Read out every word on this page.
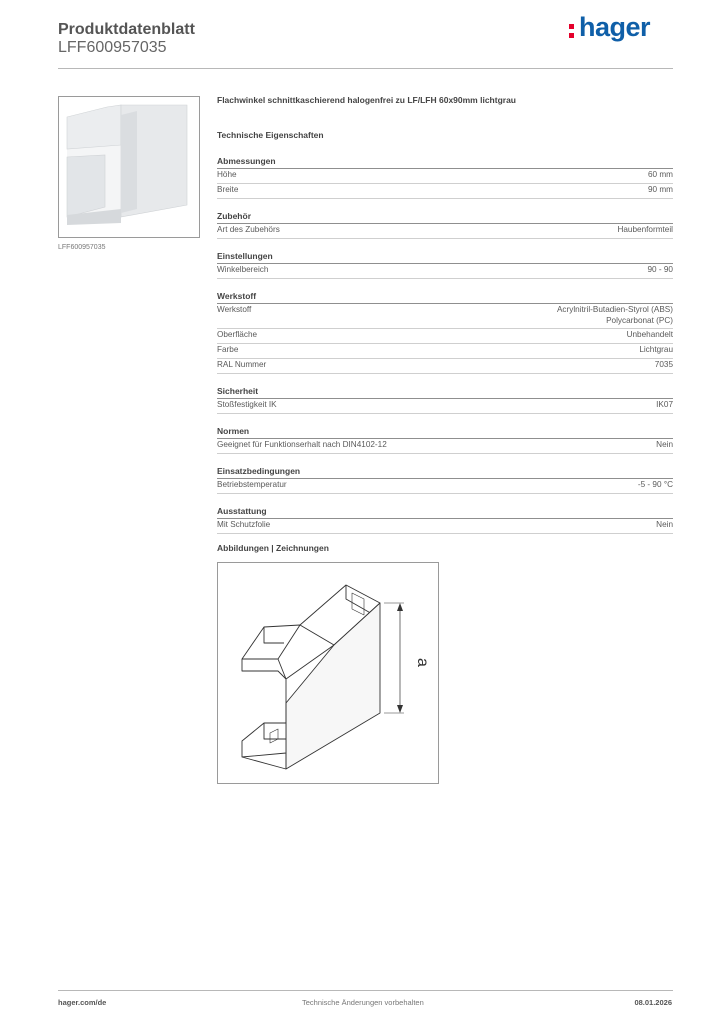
Produktdatenblatt
LFF600957035
hager
LFF600957035
Flachwinkel schnittkaschierend halogenfrei zu LF/LFH 60x90mm lichtgrau
Technische Eigenschaften
Abmessungen
Höhe	60 mm
Breite	90 mm
Zubehör
Art des Zubehörs	Haubenformteil
Einstellungen
Winkelbereich	90 - 90
Werkstoff
Werkstoff	Acrylnitril-Butadien-Styrol (ABS)
Polycarbonat (PC)
Oberfläche	Unbehandelt
Farbe	Lichtgrau
RAL Nummer	7035
Sicherheit
Stoßfestigkeit IK	IK07
Normen
Geeignet für Funktionserhalt nach DIN4102-12	Nein
Einsatzbedingungen
Betriebstemperatur	-5 - 90 °C
Ausstattung
Mit Schutzfolie	Nein
Abbildungen | Zeichnungen
a
hager.com/de	Technische Änderungen vorbehalten	08.01.2026
